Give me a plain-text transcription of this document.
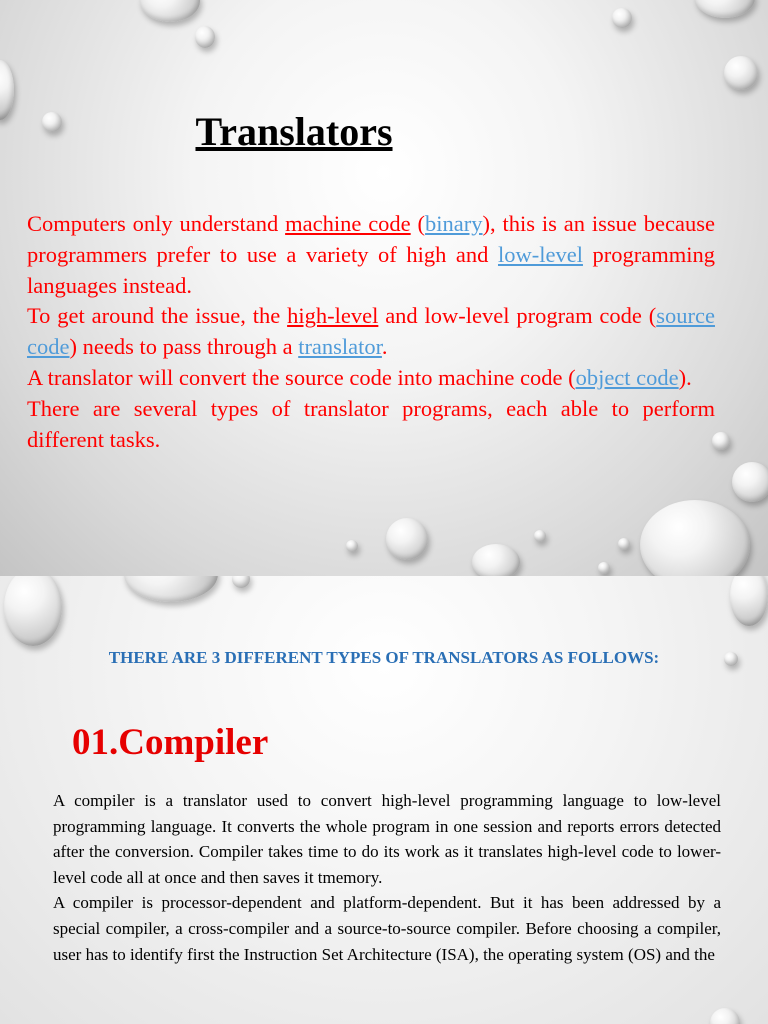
Translators

Computers only understand machine code (binary), this is an issue because programmers prefer to use a variety of high and low-level programming languages instead.

To get around the issue, the high-level and low-level program code (source code) needs to pass through a translator.

A translator will convert the source code into machine code (object code).

There are several types of translator programs, each able to perform different tasks.

THERE ARE 3 DIFFERENT TYPES OF TRANSLATORS AS FOLLOWS:
01.Compiler

A compiler is a translator used to convert high-level programming language to low-level programming language. It converts the whole program in one session and reports errors detected after the conversion. Compiler takes time to do its work as it translates high-level code to lower-level code all at once and then saves it tmemory.

A compiler is processor-dependent and platform-dependent. But it has been addressed by a special compiler, a cross-compiler and a source-to-source compiler. Before choosing a compiler, user has to identify first the Instruction Set Architecture (ISA), the operating system (OS) and the
